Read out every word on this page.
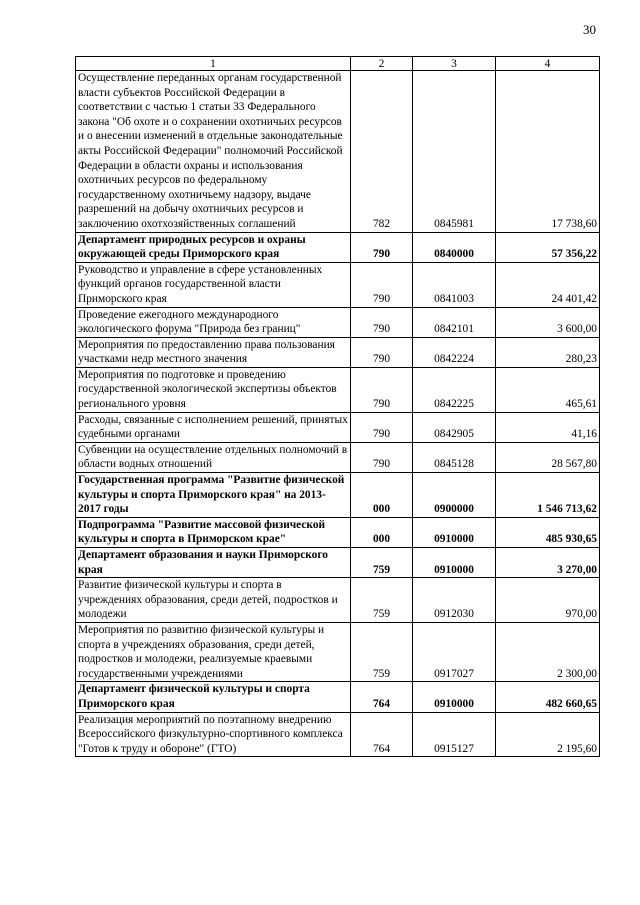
30
1	2	3	4
Осуществление переданных органам государственной власти субъектов Российской Федерации в соответствии с частью 1 статьи 33 Федерального закона "Об охоте и о сохранении охотничьих ресурсов и о внесении изменений в отдельные законодательные акты Российской Федерации" полномочий Российской Федерации в области охраны и использования охотничьих ресурсов по федеральному государственному охотничьему надзору, выдаче разрешений на добычу охотничьих ресурсов и заключению охотхозяйственных соглашений	782	0845981	17 738,60
Департамент природных ресурсов и охраны окружающей среды Приморского края	790	0840000	57 356,22
Руководство и управление в сфере установленных функций органов государственной власти Приморского края	790	0841003	24 401,42
Проведение ежегодного международного экологического форума "Природа без границ"	790	0842101	3 600,00
Мероприятия по предоставлению права пользования участками недр местного значения	790	0842224	280,23
Мероприятия по подготовке и проведению государственной экологической экспертизы объектов регионального уровня	790	0842225	465,61
Расходы, связанные с исполнением решений, принятых судебными органами	790	0842905	41,16
Субвенции на осуществление отдельных полномочий в области водных отношений	790	0845128	28 567,80
Государственная программа "Развитие физической культуры и спорта Приморского края" на 2013-2017 годы	000	0900000	1 546 713,62
Подпрограмма "Развитие массовой физической культуры и спорта в Приморском крае"	000	0910000	485 930,65
Департамент образования и науки Приморского края	759	0910000	3 270,00
Развитие физической культуры и спорта в учреждениях образования, среди детей, подростков и молодежи	759	0912030	970,00
Мероприятия по развитию физической культуры и спорта в учреждениях образования, среди детей, подростков и молодежи, реализуемые краевыми государственными учреждениями	759	0917027	2 300,00
Департамент физической культуры и спорта Приморского края	764	0910000	482 660,65
Реализация мероприятий по поэтапному внедрению Всероссийского физкультурно-спортивного комплекса "Готов к труду и обороне" (ГТО)	764	0915127	2 195,60
